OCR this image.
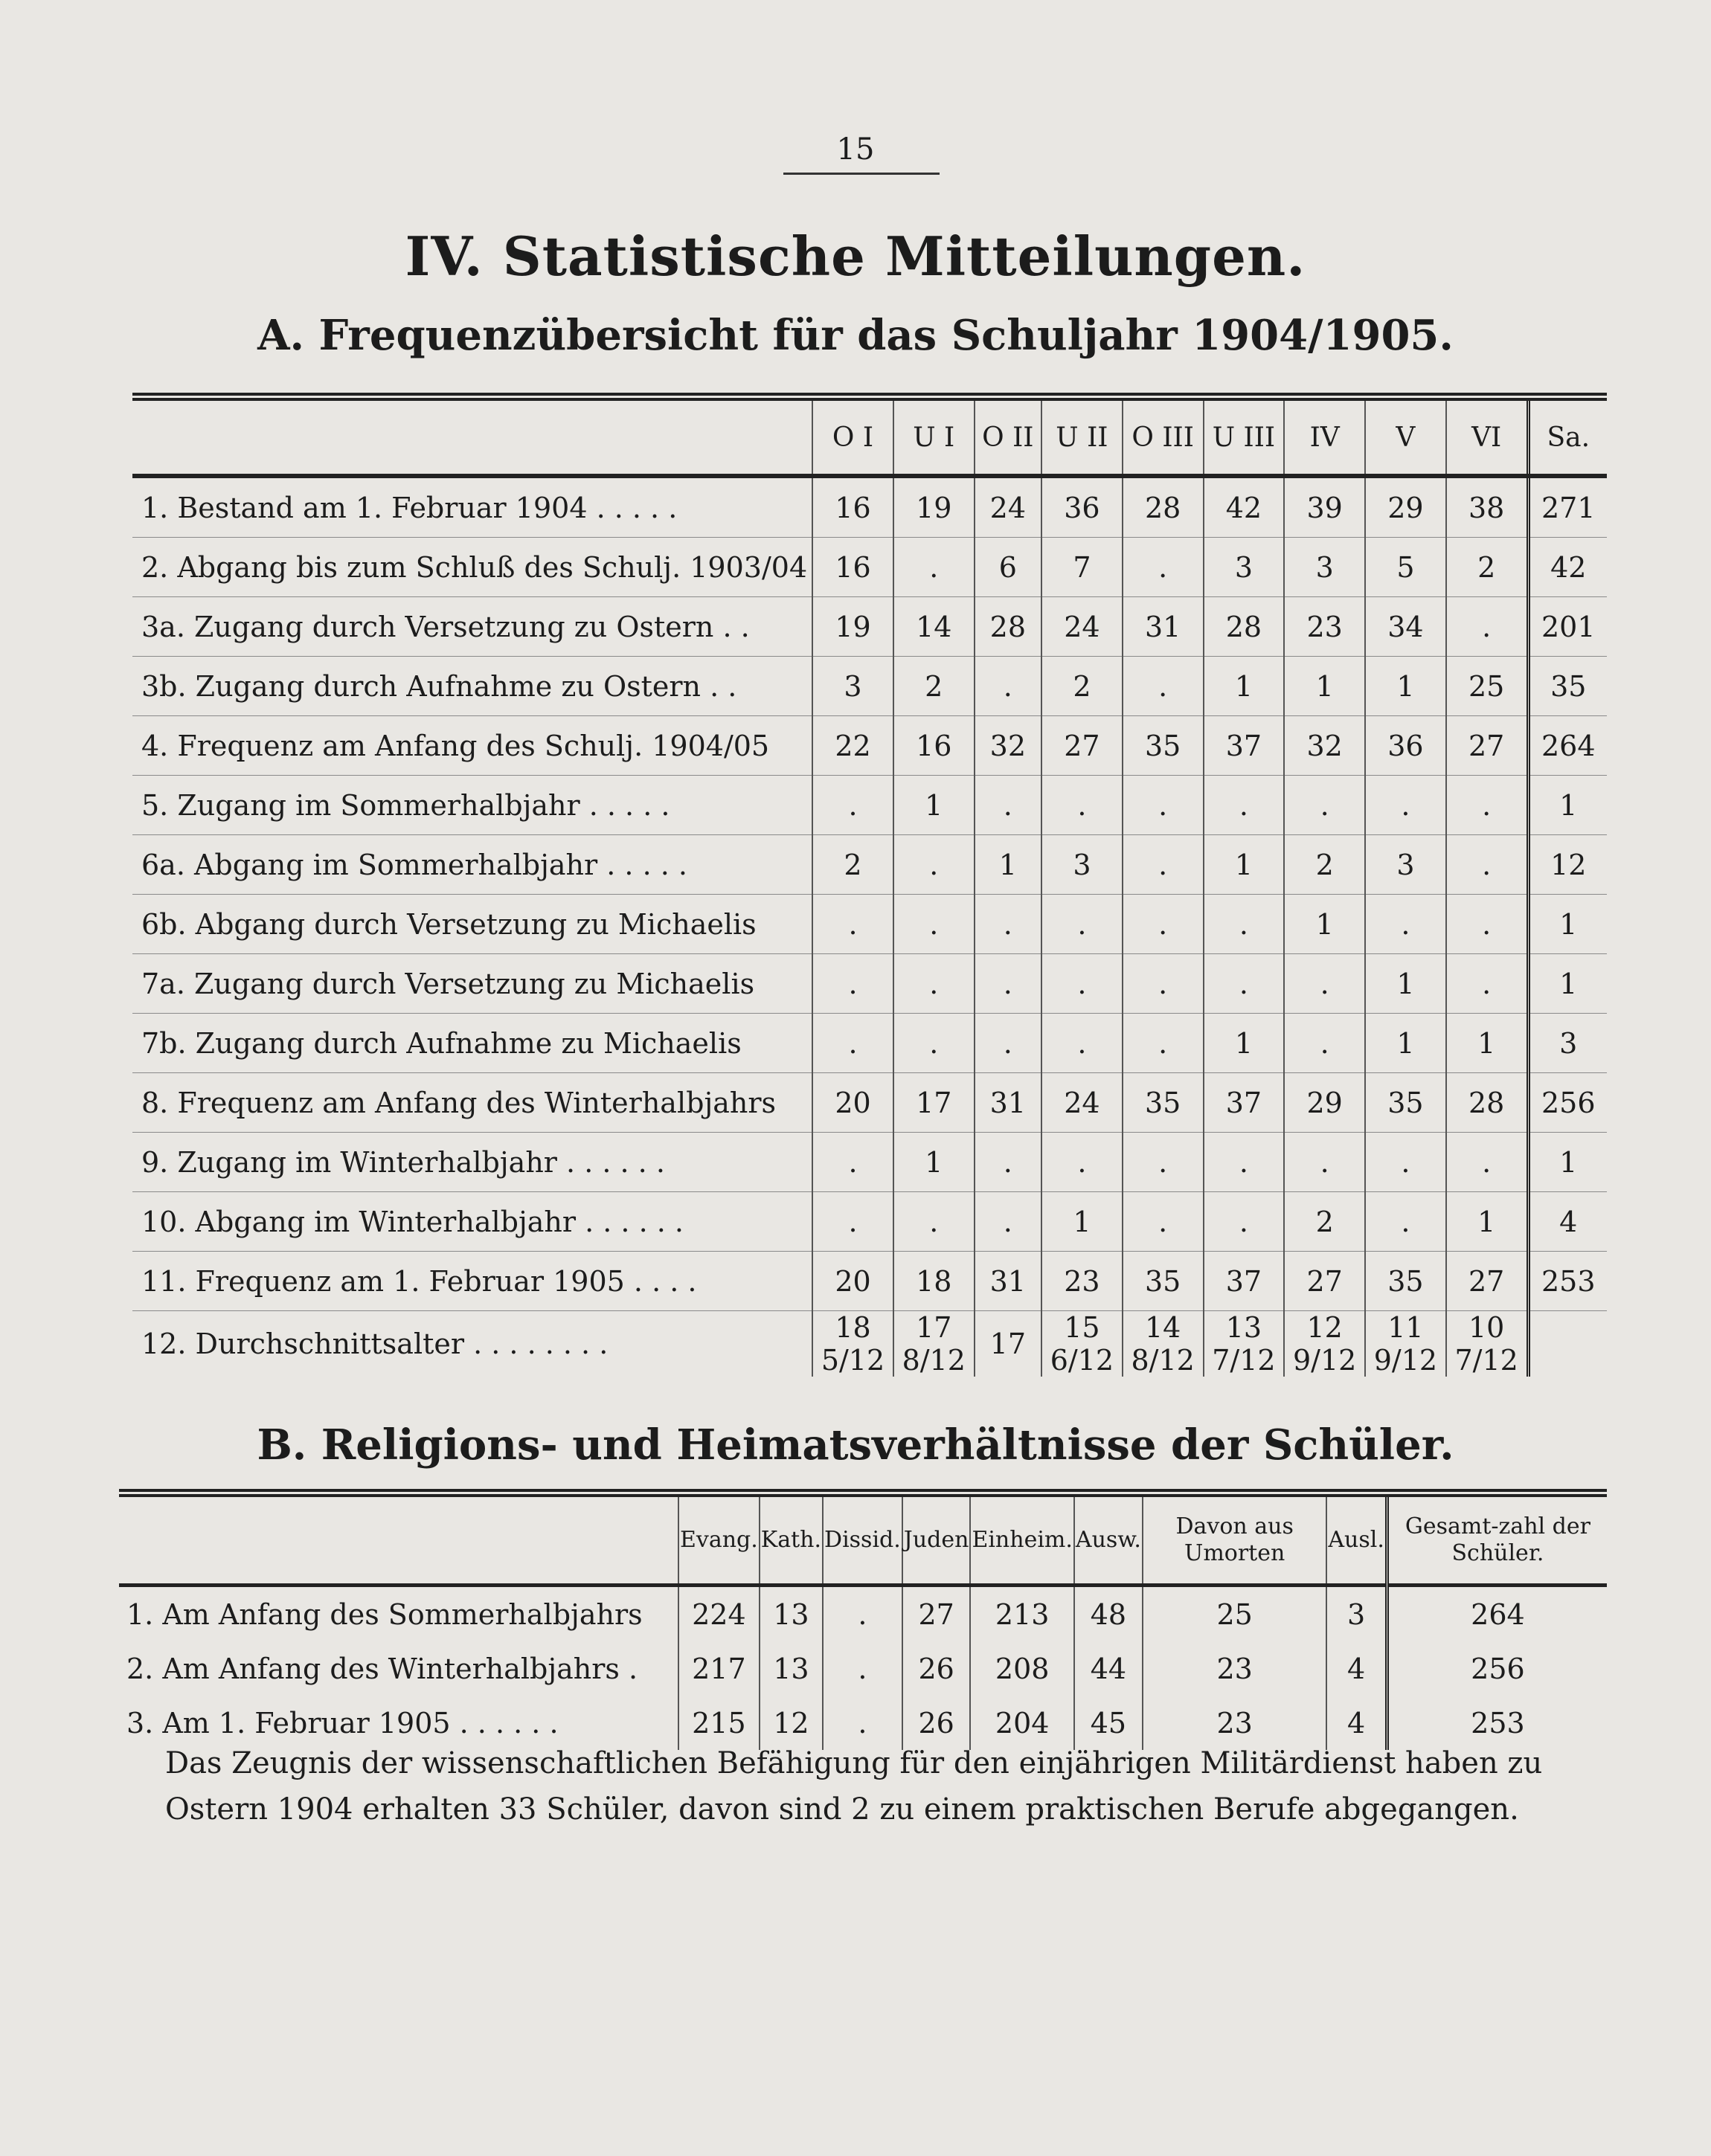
15
IV. Statistische Mitteilungen.
A. Frequenzübersicht für das Schuljahr 1904/1905.
	O I	U I	O II	U II	O III	U III	IV	V	VI	Sa.
1. Bestand am 1. Februar 1904 . . . . .	16	19	24	36	28	42	39	29	38	271
2. Abgang bis zum Schluß des Schulj. 1903/04	16	.	6	7	.	3	3	5	2	42
3a. Zugang durch Versetzung zu Ostern . .	19	14	28	24	31	28	23	34	.	201
3b. Zugang durch Aufnahme zu Ostern . .	3	2	.	2	.	1	1	1	25	35
4. Frequenz am Anfang des Schulj. 1904/05	22	16	32	27	35	37	32	36	27	264
5. Zugang im Sommerhalbjahr . . . . .	.	1	.	.	.	.	.	.	.	1
6a. Abgang im Sommerhalbjahr . . . . .	2	.	1	3	.	1	2	3	.	12
6b. Abgang durch Versetzung zu Michaelis	.	.	.	.	.	.	1	.	.	1
7a. Zugang durch Versetzung zu Michaelis	.	.	.	.	.	.	.	1	.	1
7b. Zugang durch Aufnahme zu Michaelis	.	.	.	.	.	1	.	1	1	3
8. Frequenz am Anfang des Winterhalbjahrs	20	17	31	24	35	37	29	35	28	256
9. Zugang im Winterhalbjahr . . . . . .	.	1	.	.	.	.	.	.	.	1
10. Abgang im Winterhalbjahr . . . . . .	.	.	.	1	.	.	2	.	1	4
11. Frequenz am 1. Februar 1905 . . . .	20	18	31	23	35	37	27	35	27	253
12. Durchschnittsalter . . . . . . . .	18 5/12	17 8/12	17	15 6/12	14 8/12	13 7/12	12 9/12	11 9/12	10 7/12	
B. Religions- und Heimatsverhältnisse der Schüler.
	Evang.	Kath.	Dissid.	Juden	Einheim.	Ausw.	Davon aus Umorten	Ausl.	Gesamt-zahl der Schüler.
1. Am Anfang des Sommerhalbjahrs	224	13	.	27	213	48	25	3	264
2. Am Anfang des Winterhalbjahrs .	217	13	.	26	208	44	23	4	256
3. Am 1. Februar 1905 . . . . . .	215	12	.	26	204	45	23	4	253
Das Zeugnis der wissenschaftlichen Befähigung für den einjährigen Militärdienst haben zu Ostern 1904 erhalten 33 Schüler, davon sind 2 zu einem praktischen Berufe abgegangen.
